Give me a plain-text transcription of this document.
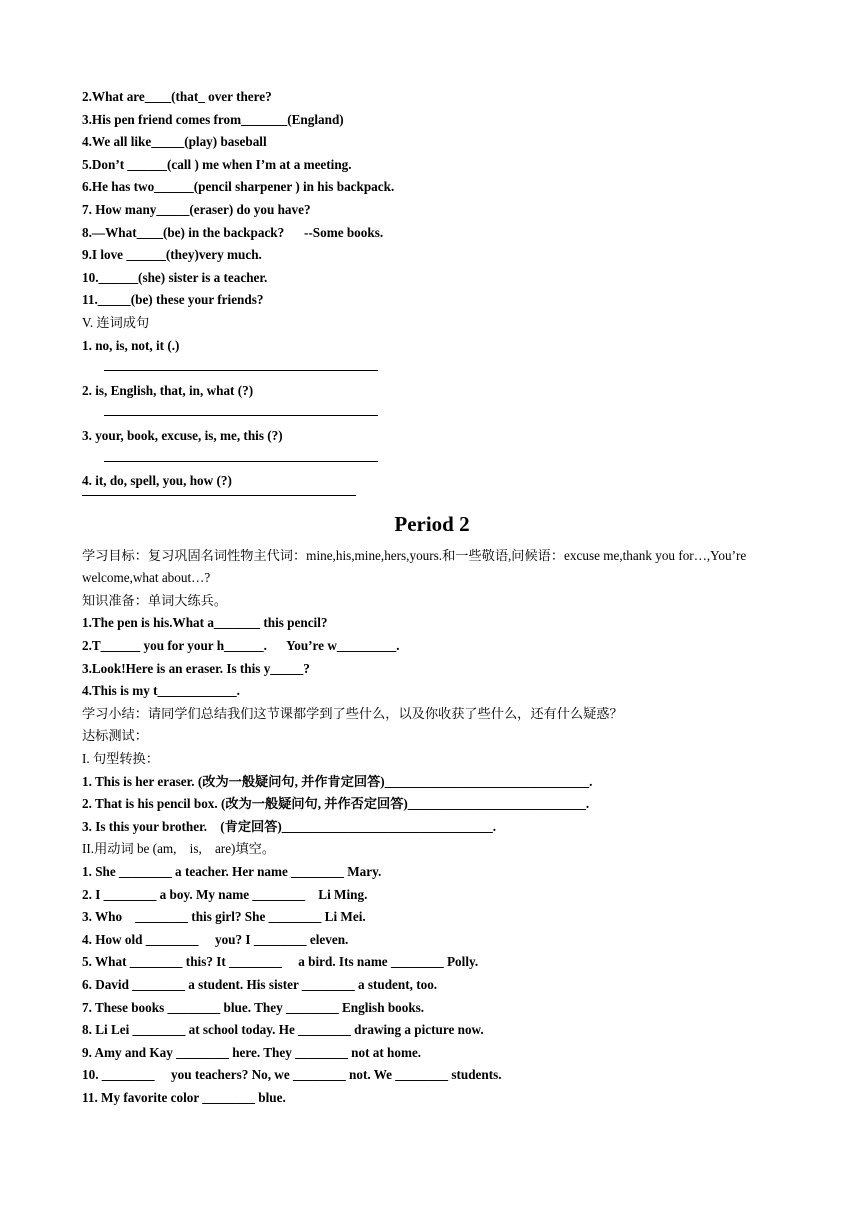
2.What are____(that_ over there?
3.His pen friend comes from_______(England)
4.We all like_____(play) baseball
5.Don’t ______(call ) me when I’m at a meeting.
6.He has two______(pencil sharpener ) in his backpack.
7. How many_____(eraser) do you have?
8.—What____(be) in the backpack?      --Some books.
9.I love ______(they)very much.
10.______(she) sister is a teacher.
11._____(be) these your friends?
V. 连词成句
1. no, is, not, it (.)
2. is, English, that, in, what (?)
3. your, book, excuse, is, me, this (?)
4. it, do, spell, you, how (?)
Period 2
学习目标：复习巩固名词性物主代词：mine,his,mine,hers,yours.和一些敬语,问候语：excuse me,thank you for…,You’re welcome,what about…?
知识准备：单词大练兵。
1.The pen is his.What a_______ this pencil?
2.T______ you for your h______.      You’re w_________.
3.Look!Here is an eraser. Is this y_____?
4.This is my t____________.
学习小结：请同学们总结我们这节课都学到了些什么，以及你收获了些什么，还有什么疑惑？
达标测试：
I. 句型转换：
1. This is her eraser. (改为一般疑问句, 并作肯定回答)_______________________________.
2. That is his pencil box. (改为一般疑问句, 并作否定回答)___________________________.
3. Is this your brother.    (肯定回答)________________________________.
II.用动词 be (am,    is,    are)填空。
1. She ________ a teacher. Her name ________ Mary.
2. I ________ a boy. My name ________    Li Ming.
3. Who    ________ this girl? She ________ Li Mei.
4. How old ________     you? I ________ eleven.
5. What ________ this? It ________     a bird. Its name ________ Polly.
6. David ________ a student. His sister ________ a student, too.
7. These books ________ blue. They ________ English books.
8. Li Lei ________ at school today. He ________ drawing a picture now.
9. Amy and Kay ________ here. They ________ not at home.
10. ________     you teachers? No, we ________ not. We ________ students.
11. My favorite color ________ blue.
